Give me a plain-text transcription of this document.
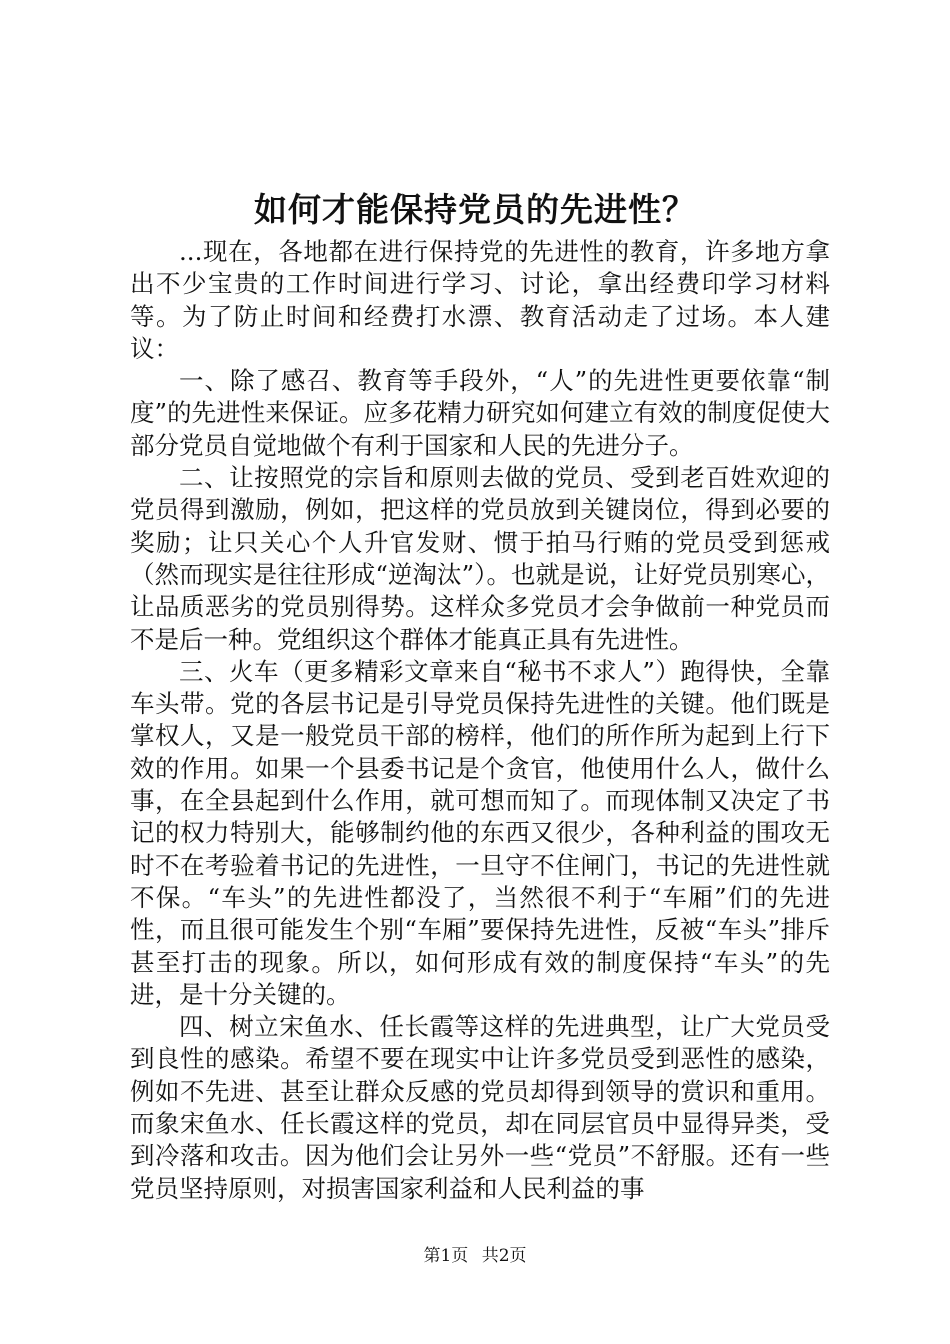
如何才能保持党员的先进性？

...现在，各地都在进行保持党的先进性的教育，许多地方拿出不少宝贵的工作时间进行学习、讨论，拿出经费印学习材料等。为了防止时间和经费打水漂、教育活动走了过场。本人建议：

一、除了感召、教育等手段外，“人”的先进性更要依靠“制度”的先进性来保证。应多花精力研究如何建立有效的制度促使大部分党员自觉地做个有利于国家和人民的先进分子。

二、让按照党的宗旨和原则去做的党员、受到老百姓欢迎的党员得到激励，例如，把这样的党员放到关键岗位，得到必要的奖励；让只关心个人升官发财、惯于拍马行贿的党员受到惩戒（然而现实是往往形成“逆淘汰”）。也就是说，让好党员别寒心，让品质恶劣的党员别得势。这样众多党员才会争做前一种党员而不是后一种。党组织这个群体才能真正具有先进性。

三、火车（更多精彩文章来自“秘书不求人”）跑得快，全靠车头带。党的各层书记是引导党员保持先进性的关键。他们既是掌权人，又是一般党员干部的榜样，他们的所作所为起到上行下效的作用。如果一个县委书记是个贪官，他使用什么人，做什么事，在全县起到什么作用，就可想而知了。而现体制又决定了书记的权力特别大，能够制约他的东西又很少，各种利益的围攻无时不在考验着书记的先进性，一旦守不住闸门，书记的先进性就不保。“车头”的先进性都没了，当然很不利于“车厢”们的先进性，而且很可能发生个别“车厢”要保持先进性，反被“车头”排斥甚至打击的现象。所以，如何形成有效的制度保持“车头”的先进，是十分关键的。

四、树立宋鱼水、任长霞等这样的先进典型，让广大党员受到良性的感染。希望不要在现实中让许多党员受到恶性的感染，例如不先进、甚至让群众反感的党员却得到领导的赏识和重用。而象宋鱼水、任长霞这样的党员，却在同层官员中显得异类，受到冷落和攻击。因为他们会让另外一些“党员”不舒服。还有一些党员坚持原则，对损害国家利益和人民利益的事

第1页 共2页
